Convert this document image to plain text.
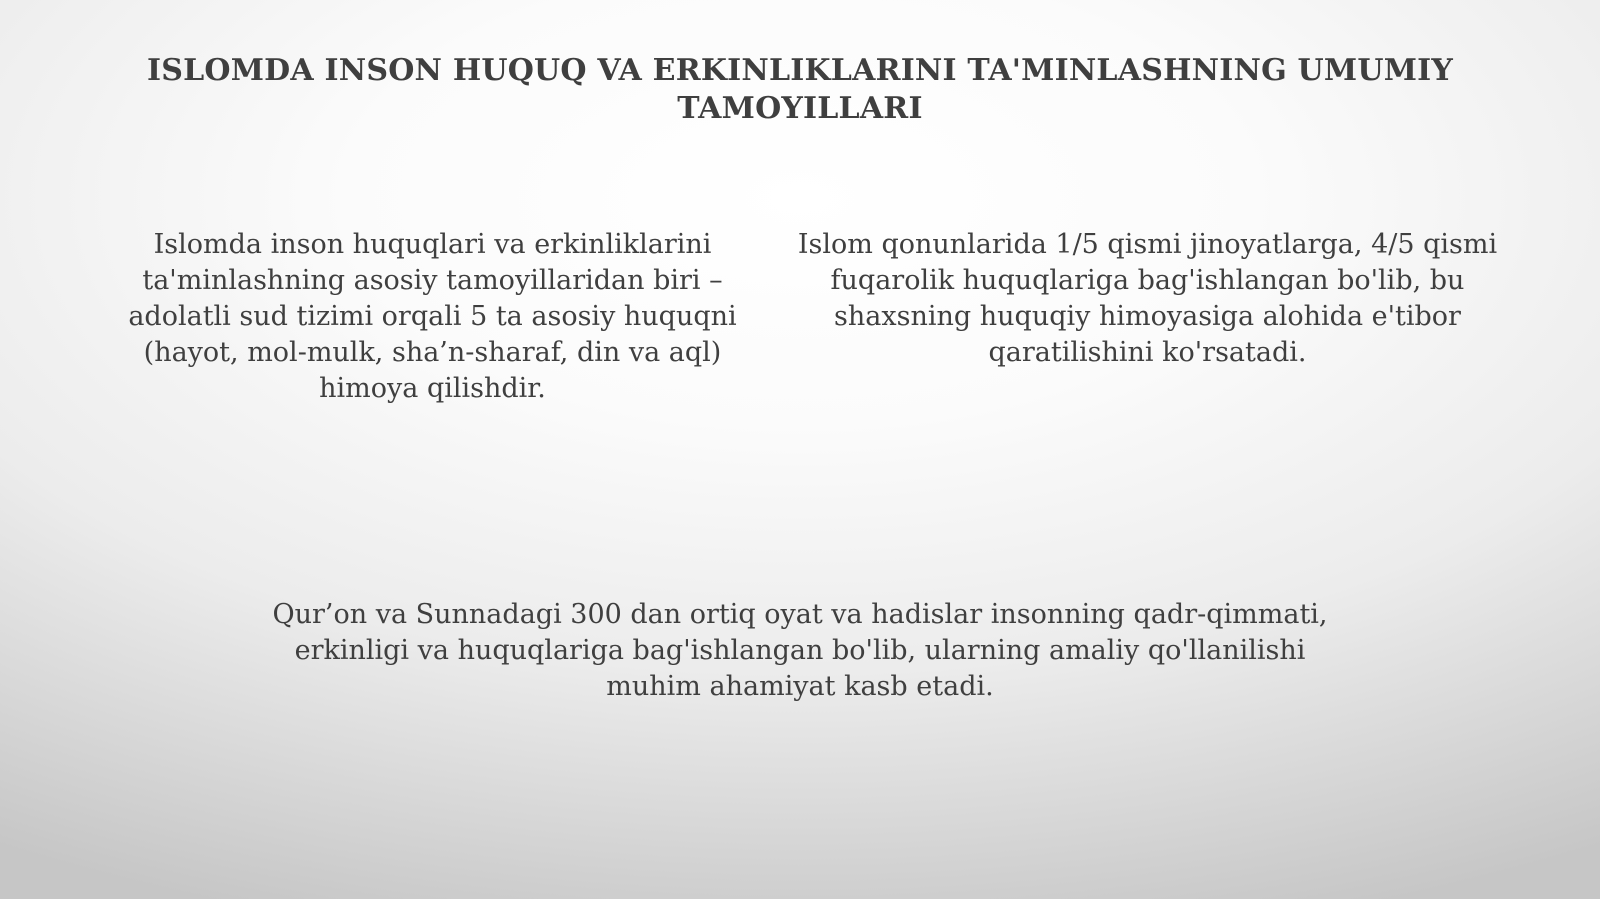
ISLOMDA INSON HUQUQ VA ERKINLIKLARINI TA'MINLASHNING UMUMIY TAMOYILLARI

Islomda inson huquqlari va erkinliklarini ta'minlashning asosiy tamoyillaridan biri – adolatli sud tizimi orqali 5 ta asosiy huquqni (hayot, mol-mulk, sha’n-sharaf, din va aql) himoya qilishdir.

Islom qonunlarida 1/5 qismi jinoyatlarga, 4/5 qismi fuqarolik huquqlariga bag'ishlangan bo'lib, bu shaxsning huquqiy himoyasiga alohida e'tibor qaratilishini ko'rsatadi.

Qur’on va Sunnadagi 300 dan ortiq oyat va hadislar insonning qadr-qimmati, erkinligi va huquqlariga bag'ishlangan bo'lib, ularning amaliy qo'llanilishi muhim ahamiyat kasb etadi.
